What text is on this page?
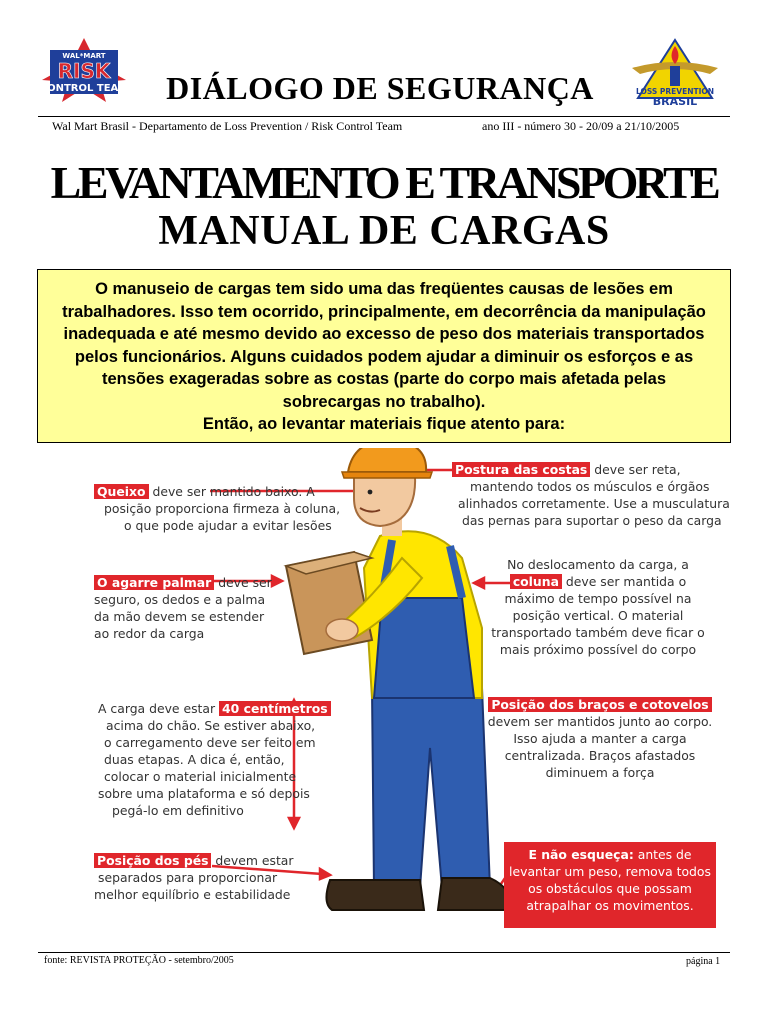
WAL*MART
RISK
CONTROL TEAM	DIÁLOGO DE SEGURANÇA	LOSS PREVENTION
BRASIL
Wal Mart Brasil - Departamento de Loss Prevention / Risk Control Team	ano III - número 30 - 20/09 a 21/10/2005
LEVANTAMENTO E TRANSPORTE
MANUAL DE CARGAS

O manuseio de cargas tem sido uma das freqüentes causas de lesões em trabalhadores. Isso tem ocorrido, principalmente, em decorrência da manipulação inadequada e até mesmo devido ao excesso de peso dos materiais transportados pelos funcionários. Alguns cuidados podem ajudar a diminuir os esforços e as tensões exageradas sobre as costas (parte do corpo mais afetada pelas sobrecargas no trabalho).

Então, ao levantar materiais fique atento para:

Queixo deve ser mantido baixo. A
posição proporciona firmeza à coluna,
o que pode ajudar a evitar lesões
O agarre palmar deve ser
seguro, os dedos e a palma
da mão devem se estender
ao redor da carga
A carga deve estar 40 centímetros
acima do chão. Se estiver abaixo,
o carregamento deve ser feito em
duas etapas. A dica é, então,
colocar o material inicialmente
sobre uma plataforma e só depois
pegá-lo em definitivo
Posição dos pés devem estar
separados para proporcionar
melhor equilíbrio e estabilidade
Postura das costas deve ser reta,
mantendo todos os músculos e órgãos
alinhados corretamente. Use a musculatura
das pernas para suportar o peso da carga
No deslocamento da carga, a
coluna deve ser mantida o
máximo de tempo possível na
posição vertical. O material
transportado também deve ficar o
mais próximo possível do corpo
Posição dos braços e cotovelos
devem ser mantidos junto ao corpo.
Isso ajuda a manter a carga
centralizada. Braços afastados
diminuem a força
E não esqueça: antes de
levantar um peso, remova todos
os obstáculos que possam
atrapalhar os movimentos.
fonte: REVISTA PROTEÇÃO - setembro/2005	página 1
